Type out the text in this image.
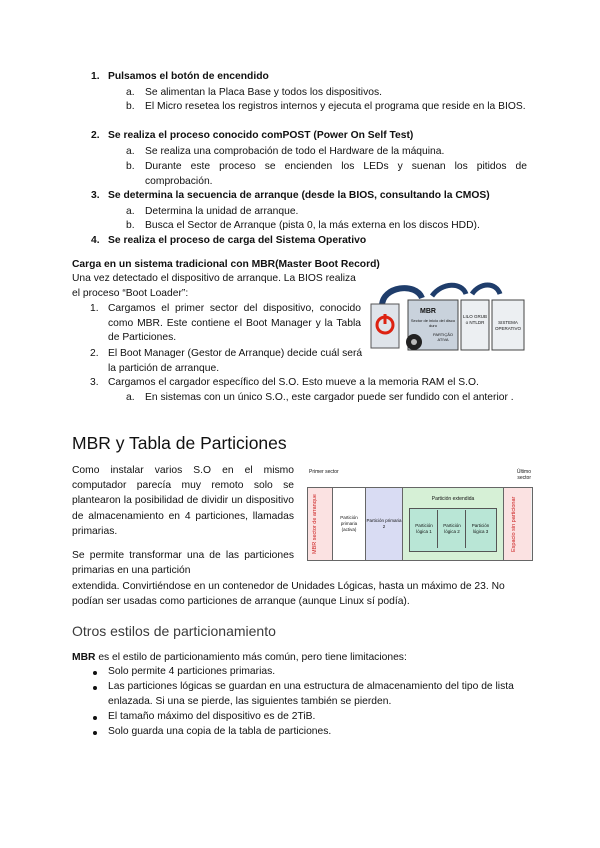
1. Pulsamos el botón de encendido
a. Se alimentan la Placa Base y todos los dispositivos.
b. El Micro resetea los registros internos y ejecuta el programa que reside en la BIOS.
2. Se realiza el proceso conocido comPOST (Power On Self Test)
a. Se realiza una comprobación de todo el Hardware de la máquina.
b. Durante este proceso se encienden los LEDs y suenan los pitidos de comprobación.
3. Se determina la secuencia de arranque (desde la BIOS, consultando la CMOS)
a. Determina la unidad de arranque.
b. Busca el Sector de Arranque (pista 0, la más externa en los discos HDD).
4. Se realiza el proceso de carga del Sistema Operativo
Carga en un sistema tradicional con MBR(Master Boot Record)
Una vez detectado el dispositivo de arranque. La BIOS realiza el proceso “Boot Loader”:
1. Cargamos el primer sector del dispositivo, conocido como MBR. Este contiene el Boot Manager y la Tabla de Particiones.
2. El Boot Manager (Gestor de Arranque) decide cuál será la partición de arranque.
3. Cargamos el cargador específico del S.O. Esto mueve a la memoria RAM el S.O.
a. En sistemas con un único S.O., este cargador puede ser fundido con el anterior .
MBR
Sector de inicio del disco duro
PARTIÇÃO ATIVA
LILO GRUB o NTLDR	SISTEMA OPERATIVO
MBR y Tabla de Particiones
Como instalar varios S.O en el mismo computador parecía muy remoto solo se plantearon la posibilidad de dividir un dispositivo de almacenamiento en 4 particiones, llamadas primarias.
Se permite transformar una de las particiones primarias en una partición
extendida. Convirtiéndose en un contenedor de Unidades Lógicas, hasta un máximo de 23. No podían ser usadas como particiones de arranque (aunque Linux sí podía).
Primer sector	Último sector
MBR sector de arranque	Partición primaria (activa)
Partición primaria 2
Partición extendida
Partición lógica 1
Partición lógica 2
Partición lógica 3	Espacio sin particionar
Otros estilos de particionamiento
MBR es el estilo de particionamiento más común, pero tiene limitaciones:
Solo permite 4 particiones primarias.
Las particiones lógicas se guardan en una estructura de almacenamiento del tipo de lista enlazada. Si una se pierde, las siguientes también se pierden.
El tamaño máximo del dispositivo es de 2TiB.
Solo guarda una copia de la tabla de particiones.
